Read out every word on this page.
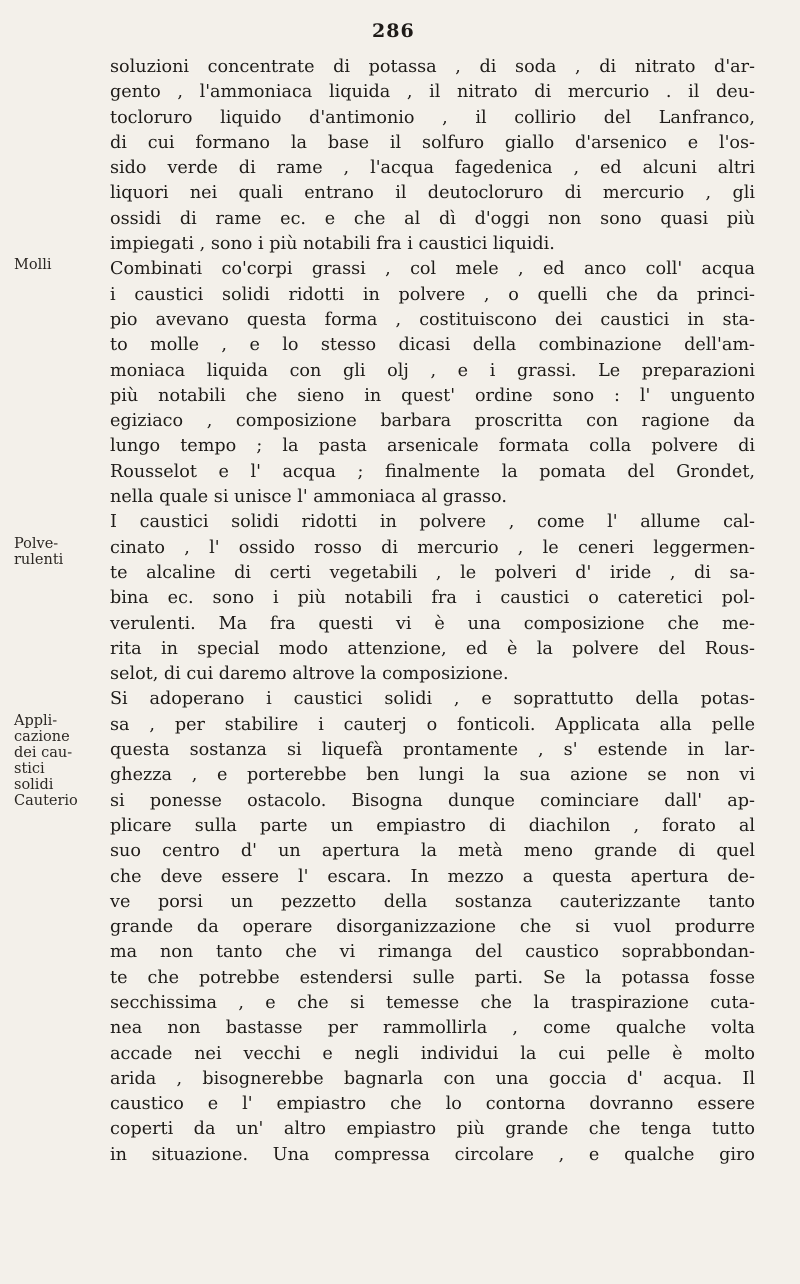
286
Molli
Polve-
rulenti
Appli-
cazione
dei cau-
stici
solidi
Cauterio
soluzioni concentrate di potassa , di soda , di nitrato d'ar-
gento , l'ammoniaca liquida , il nitrato di mercurio . il deu-
tocloruro liquido d'antimonio , il collirio del Lanfranco,
di cui formano la base il solfuro giallo d'arsenico e l'os-
sido verde di rame , l'acqua fagedenica , ed alcuni altri
liquori nei quali entrano il deutocloruro di mercurio , gli
ossidi di rame ec. e che al dì d'oggi non sono quasi più
impiegati , sono i più notabili fra i caustici liquidi.
Combinati co'corpi grassi , col mele , ed anco coll' acqua
i caustici solidi ridotti in polvere , o quelli che da princi-
pio avevano questa forma , costituiscono dei caustici in sta-
to molle , e lo stesso dicasi della combinazione dell'am-
moniaca liquida con gli olj , e i grassi. Le preparazioni
più notabili che sieno in quest' ordine sono : l' unguento
egiziaco , composizione barbara proscritta con ragione da
lungo tempo ; la pasta arsenicale formata colla polvere di
Rousselot e l' acqua ; finalmente la pomata del Grondet,
nella quale si unisce l' ammoniaca al grasso.
I caustici solidi ridotti in polvere , come l' allume cal-
cinato , l' ossido rosso di mercurio , le ceneri leggermen-
te alcaline di certi vegetabili , le polveri d' iride , di sa-
bina ec. sono i più notabili fra i caustici o cateretici pol-
verulenti. Ma fra questi vi è una composizione che me-
rita in special modo attenzione, ed è la polvere del Rous-
selot, di cui daremo altrove la composizione.
Si adoperano i caustici solidi , e soprattutto della potas-
sa , per stabilire i cauterj o fonticoli. Applicata alla pelle
questa sostanza si liquefà prontamente , s' estende in lar-
ghezza , e porterebbe ben lungi la sua azione se non vi
si ponesse ostacolo. Bisogna dunque cominciare dall' ap-
plicare sulla parte un empiastro di diachilon , forato al
suo centro d' un apertura la metà meno grande di quel
che deve essere l' escara. In mezzo a questa apertura de-
ve porsi un pezzetto della sostanza cauterizzante tanto
grande da operare disorganizzazione che si vuol produrre
ma non tanto che vi rimanga del caustico soprabbondan-
te che potrebbe estendersi sulle parti. Se la potassa fosse
secchissima , e che si temesse che la traspirazione cuta-
nea non bastasse per rammollirla , come qualche volta
accade nei vecchi e negli individui la cui pelle è molto
arida , bisognerebbe bagnarla con una goccia d' acqua. Il
caustico e l' empiastro che lo contorna dovranno essere
coperti da un' altro empiastro più grande che tenga tutto
in situazione. Una compressa circolare , e qualche giro
